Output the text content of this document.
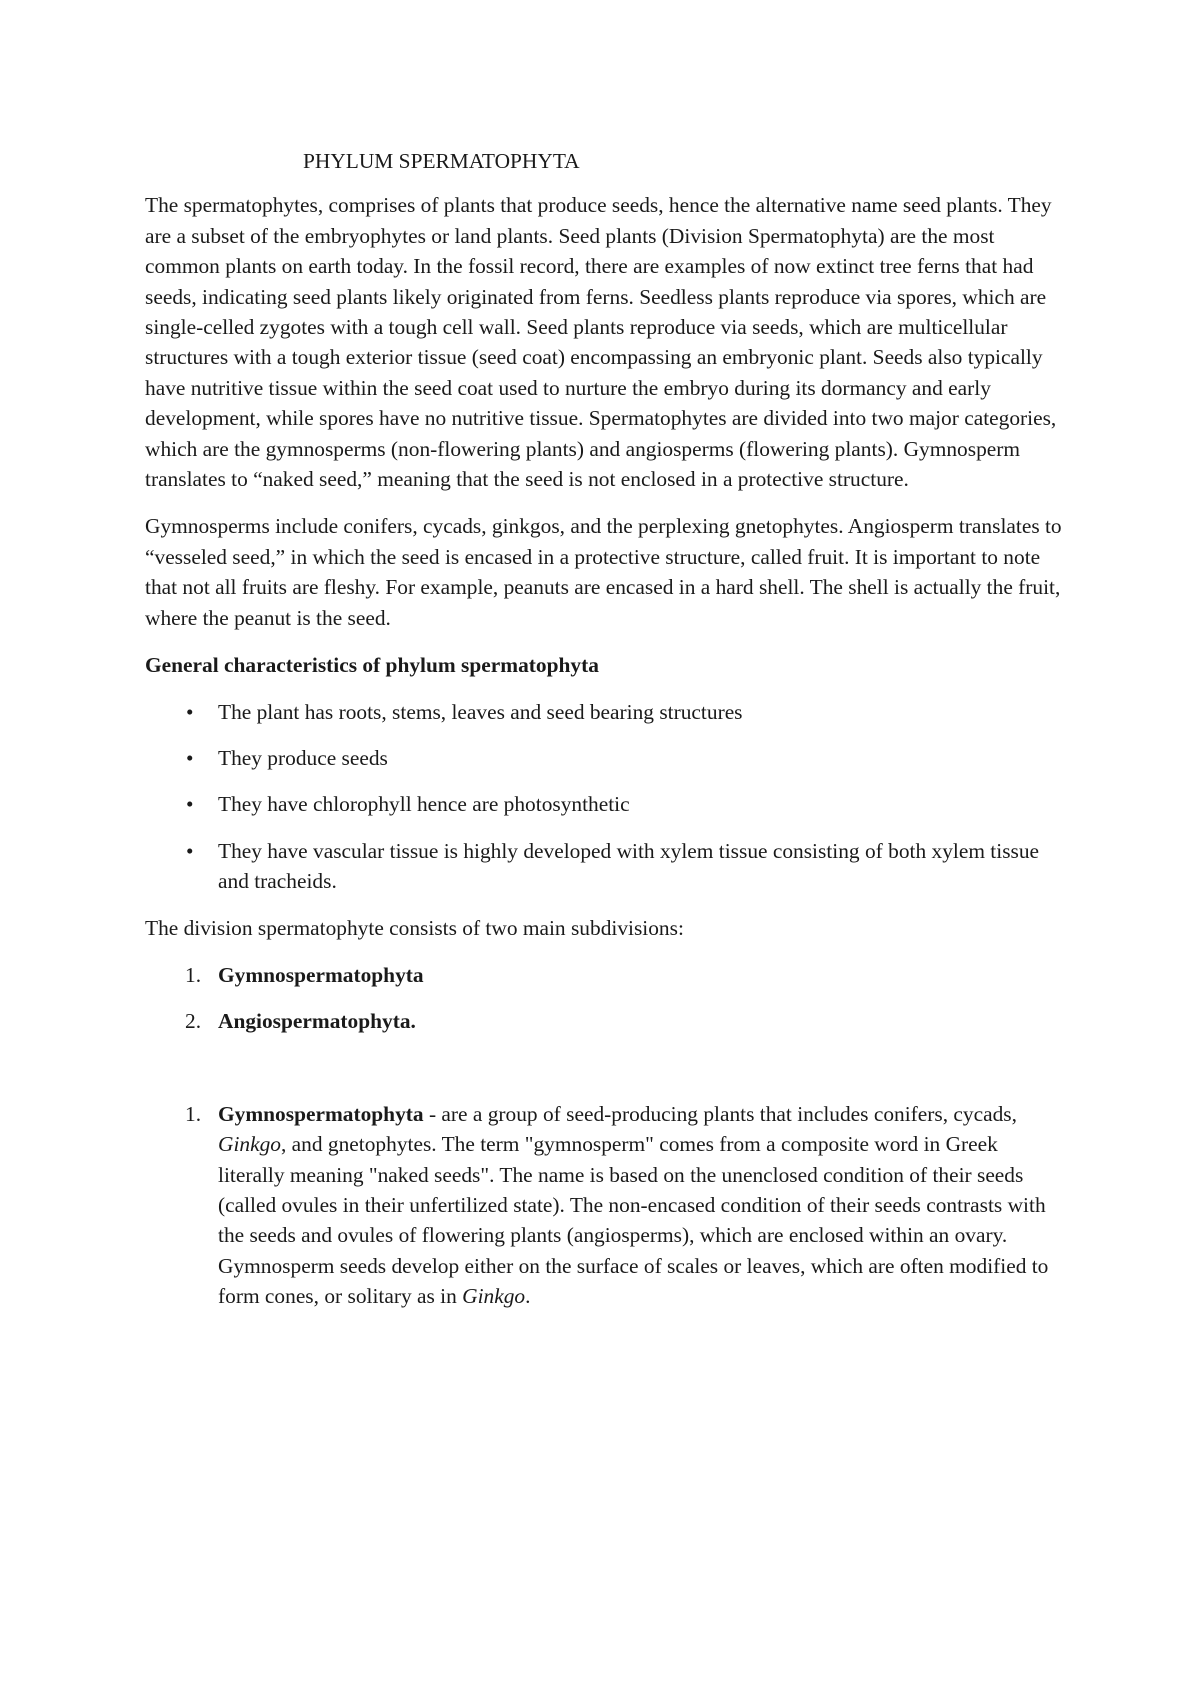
PHYLUM SPERMATOPHYTA

The spermatophytes, comprises of plants that produce seeds, hence the alternative name seed plants. They are a subset of the embryophytes or land plants. Seed plants (Division Spermatophyta) are the most common plants on earth today. In the fossil record, there are examples of now extinct tree ferns that had seeds, indicating seed plants likely originated from ferns. Seedless plants reproduce via spores, which are single-celled zygotes with a tough cell wall. Seed plants reproduce via seeds, which are multicellular structures with a tough exterior tissue (seed coat) encompassing an embryonic plant. Seeds also typically have nutritive tissue within the seed coat used to nurture the embryo during its dormancy and early development, while spores have no nutritive tissue. Spermatophytes are divided into two major categories, which are the gymnosperms (non-flowering plants) and angiosperms (flowering plants). Gymnosperm translates to “naked seed,” meaning that the seed is not enclosed in a protective structure.

Gymnosperms include conifers, cycads, ginkgos, and the perplexing gnetophytes. Angiosperm translates to “vesseled seed,” in which the seed is encased in a protective structure, called fruit. It is important to note that not all fruits are fleshy. For example, peanuts are encased in a hard shell. The shell is actually the fruit, where the peanut is the seed.

General characteristics of phylum spermatophyta
• The plant has roots, stems, leaves and seed bearing structures
• They produce seeds
• They have chlorophyll hence are photosynthetic
• They have vascular tissue is highly developed with xylem tissue consisting of both xylem tissue and tracheids.

The division spermatophyte consists of two main subdivisions:

1. Gymnospermatophyta
2. Angiospermatophyta.
1. Gymnospermatophyta - are a group of seed-producing plants that includes conifers, cycads, Ginkgo, and gnetophytes. The term "gymnosperm" comes from a composite word in Greek literally meaning "naked seeds". The name is based on the unenclosed condition of their seeds (called ovules in their unfertilized state). The non-encased condition of their seeds contrasts with the seeds and ovules of flowering plants (angiosperms), which are enclosed within an ovary. Gymnosperm seeds develop either on the surface of scales or leaves, which are often modified to form cones, or solitary as in Ginkgo.
